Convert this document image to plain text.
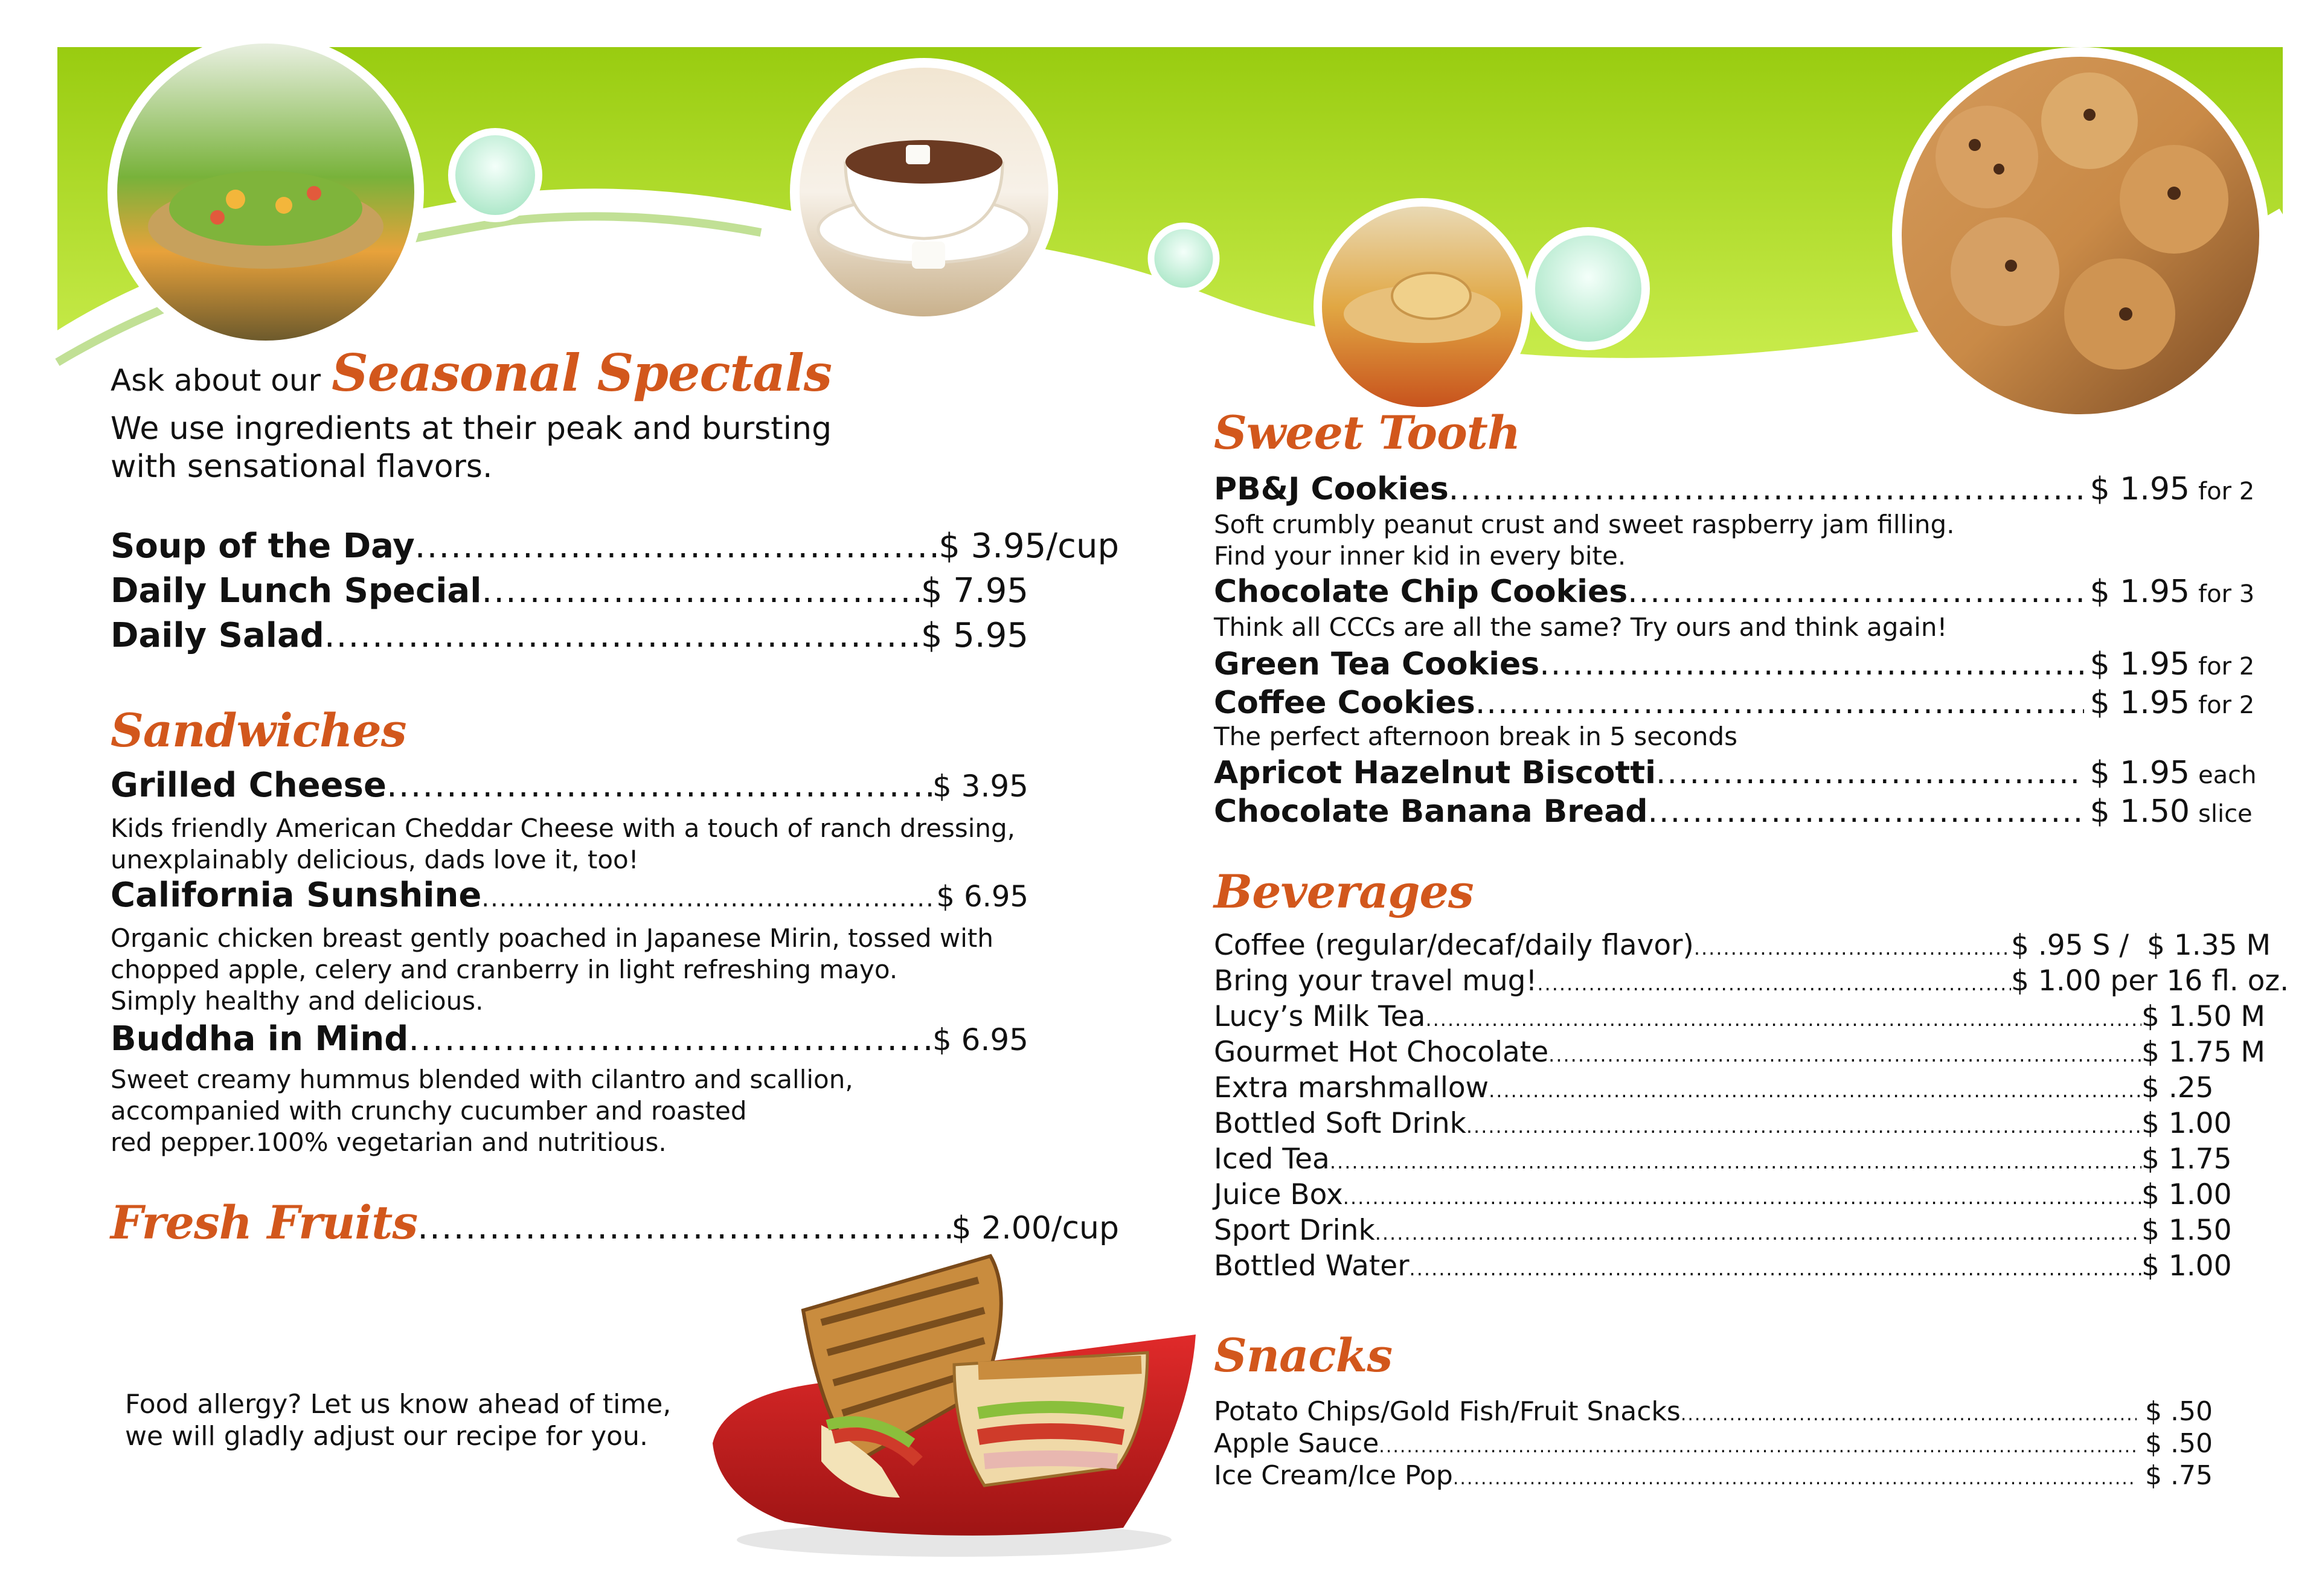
Ask about our Seasonal Spectals
We use ingredients at their peak and bursting
with sensational flavors.
Soup of the Day .....	$ 3.95/cup
Daily Lunch Special .....	$ 7.95
Daily Salad .....	$ 5.95
Sandwiches
Grilled Cheese .....	$ 3.95
Kids friendly American Cheddar Cheese with a touch of ranch dressing,
unexplainably delicious, dads love it, too!
California Sunshine .....	$ 6.95
Organic chicken breast gently poached in Japanese Mirin, tossed with
chopped apple, celery and cranberry in light refreshing mayo.
Simply healthy and delicious.
Buddha in Mind .....	$ 6.95
Sweet creamy hummus blended with cilantro and scallion,
accompanied with crunchy cucumber and roasted
red pepper.100% vegetarian and nutritious.
Fresh Fruits .....	$ 2.00/cup
Food allergy? Let us know ahead of time,
we will gladly adjust our recipe for you.
Sweet Tooth
PB&J Cookies .....	$ 1.95 for 2
Soft crumbly peanut crust and sweet raspberry jam filling.
Find your inner kid in every bite.
Chocolate Chip Cookies .....	$ 1.95 for 3
Think all CCCs are all the same? Try ours and think again!
Green Tea Cookies .....	$ 1.95 for 2
Coffee Cookies .....	$ 1.95 for 2
The perfect afternoon break in 5 seconds
Apricot Hazelnut Biscotti .....	$ 1.95 each
Chocolate Banana Bread .....	$ 1.50 slice
Beverages
Coffee (regular/decaf/daily flavor) .....	$ .95 S /  $ 1.35 M
Bring your travel mug! .....	$ 1.00 per 16 fl. oz.
Lucy’s Milk Tea .....	$ 1.50 M
Gourmet Hot Chocolate .....	$ 1.75 M
Extra marshmallow .....	$ .25
Bottled Soft Drink .....	$ 1.00
Iced Tea .....	$ 1.75
Juice Box .....	$ 1.00
Sport Drink .....	$ 1.50
Bottled Water .....	$ 1.00
Snacks
Potato Chips/Gold Fish/Fruit Snacks .....	$ .50
Apple Sauce .....	$ .50
Ice Cream/Ice Pop .....	$ .75
